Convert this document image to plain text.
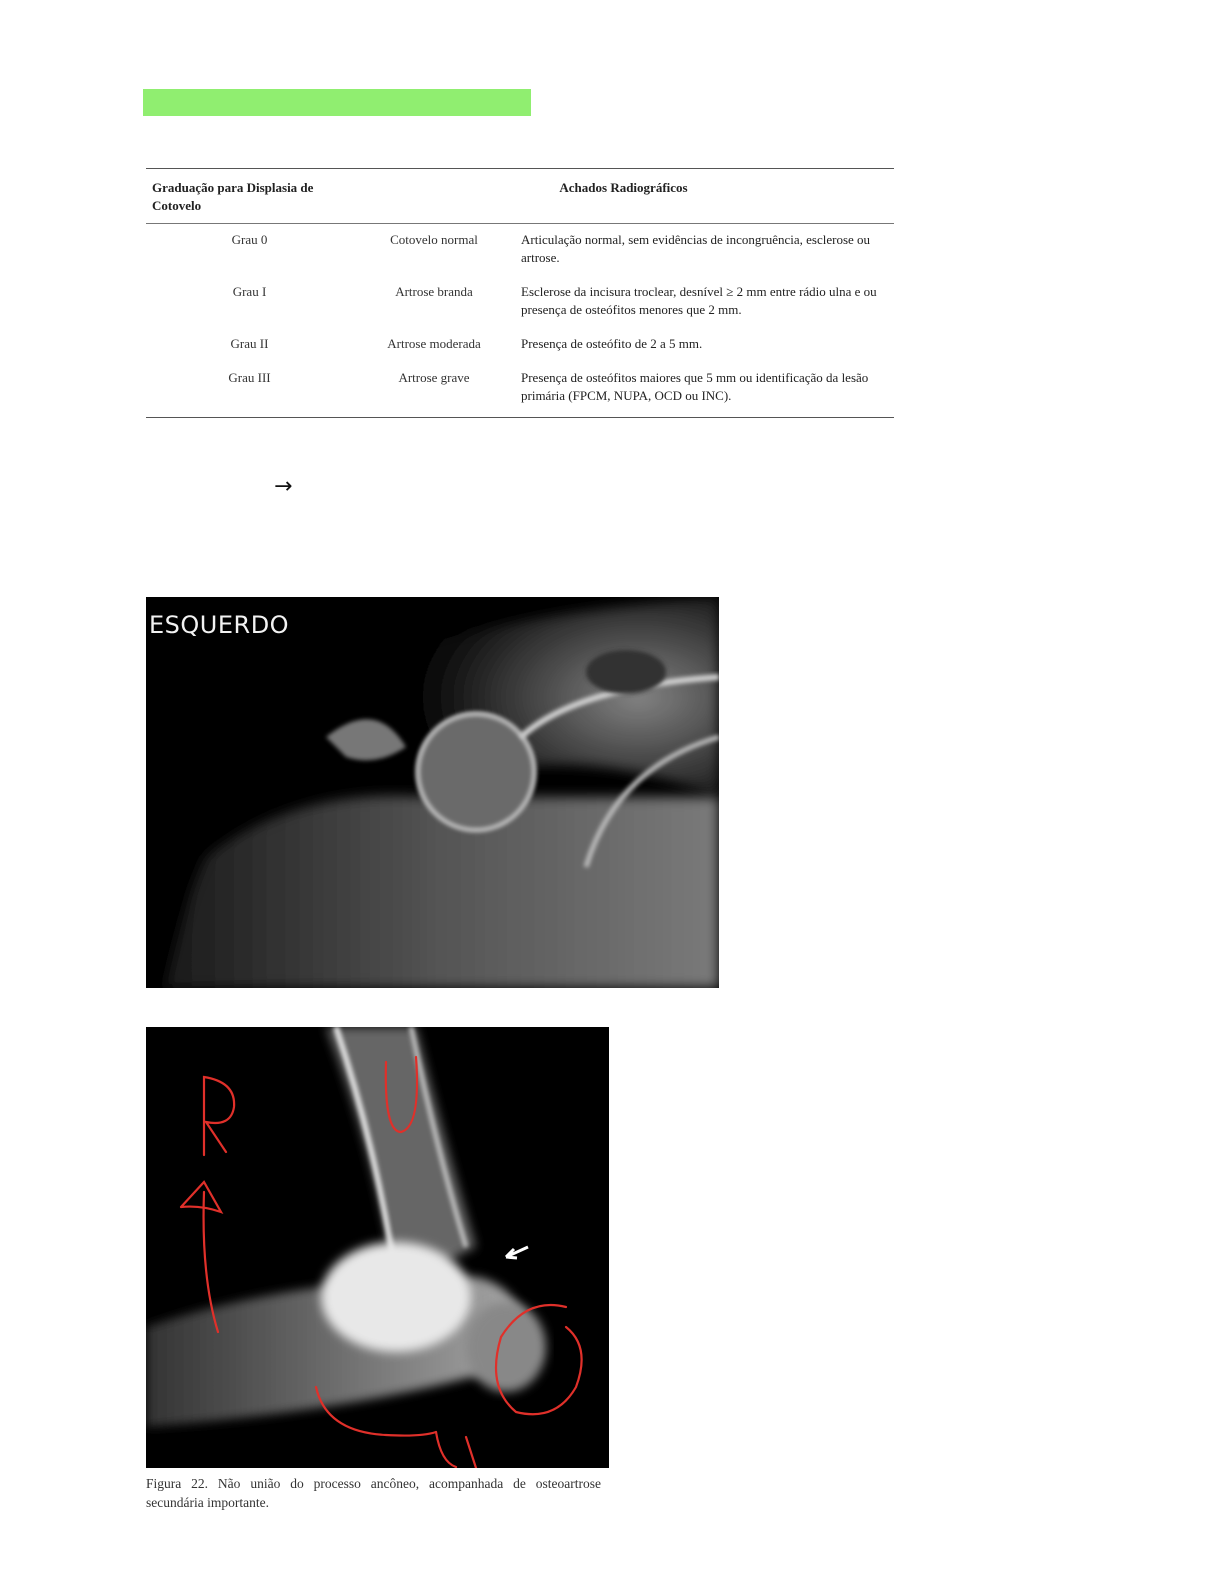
Graduação para Displasia de Cotovelo	Achados Radiográficos	
Grau 0	Cotovelo normal	Articulação normal, sem evidências de incongruência, esclerose ou artrose.
Grau I	Artrose branda	Esclerose da incisura troclear, desnível ≥ 2 mm entre rádio ulna e ou presença de osteófitos menores que 2 mm.
Grau II	Artrose moderada	Presença de osteófito de 2 a 5 mm.
Grau III	Artrose grave	Presença de osteófitos maiores que 5 mm ou identificação da lesão primária (FPCM, NUPA, OCD ou INC).
→
ESQUERDO
Figura 22. Não união do processo ancôneo, acompanhada de osteoartrose secundária importante.
